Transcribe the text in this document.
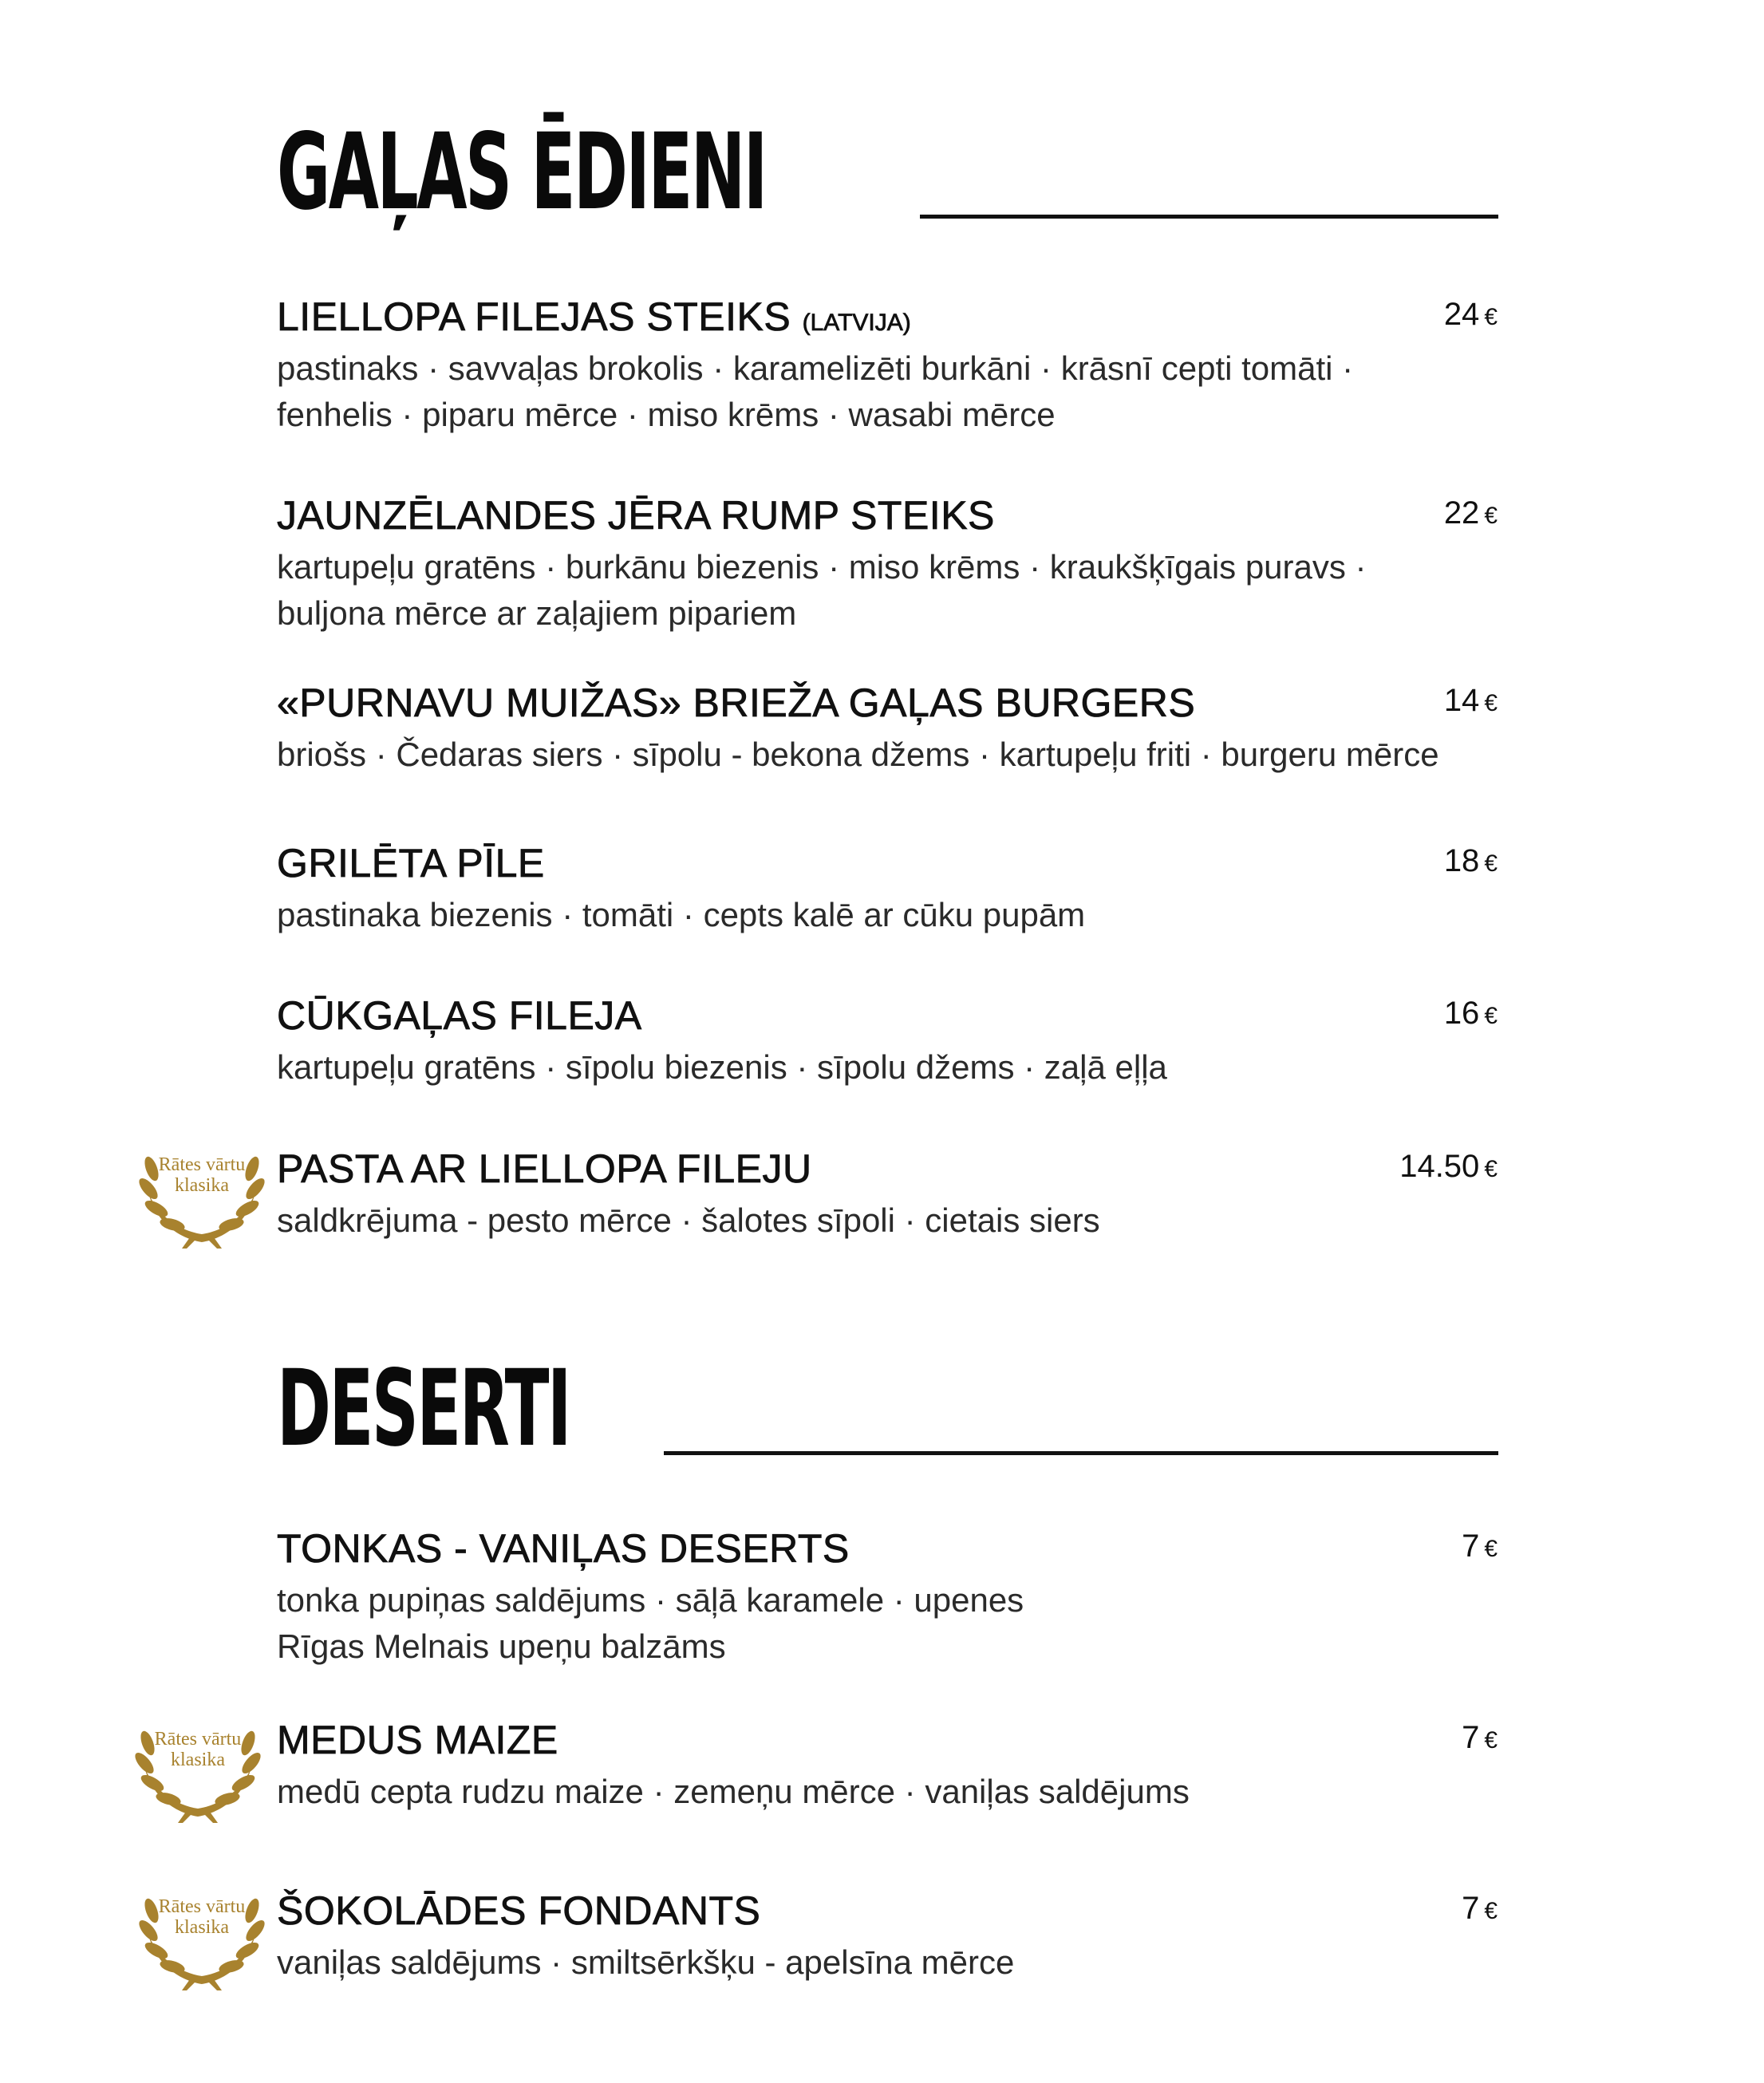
GAĻAS ĒDIENI
LIELLOPA FILEJAS STEIKS (LATVIJA)	24 €
pastinaks · savvaļas brokolis · karamelizēti burkāni · krāsnī cepti tomāti ·
fenhelis · piparu mērce · miso krēms · wasabi mērce
JAUNZĒLANDES JĒRA RUMP STEIKS	22 €
kartupeļu gratēns · burkānu biezenis · miso krēms · kraukšķīgais puravs ·
buljona mērce ar zaļajiem pipariem
«PURNAVU MUIŽAS» BRIEŽA GAĻAS BURGERS	14 €
briošs · Čedaras siers · sīpolu - bekona džems · kartupeļu friti · burgeru mērce
GRILĒTA PĪLE	18 €
pastinaka biezenis · tomāti · cepts kalē ar cūku pupām
CŪKGAĻAS FILEJA	16 €
kartupeļu gratēns · sīpolu biezenis · sīpolu džems · zaļā eļļa
Rātes vārtu
klasika PASTA AR LIELLOPA FILEJU	14.50 €
saldkrējuma - pesto mērce · šalotes sīpoli · cietais siers
DESERTI
TONKAS - VANIĻAS DESERTS	7 €
tonka pupiņas saldējums · sāļā karamele · upenes
Rīgas Melnais upeņu balzāms
Rātes vārtu
klasika MEDUS MAIZE	7 €
medū cepta rudzu maize · zemeņu mērce · vaniļas saldējums
Rātes vārtu
klasika ŠOKOLĀDES FONDANTS	7 €
vaniļas saldējums · smiltsērkšķu - apelsīna mērce
